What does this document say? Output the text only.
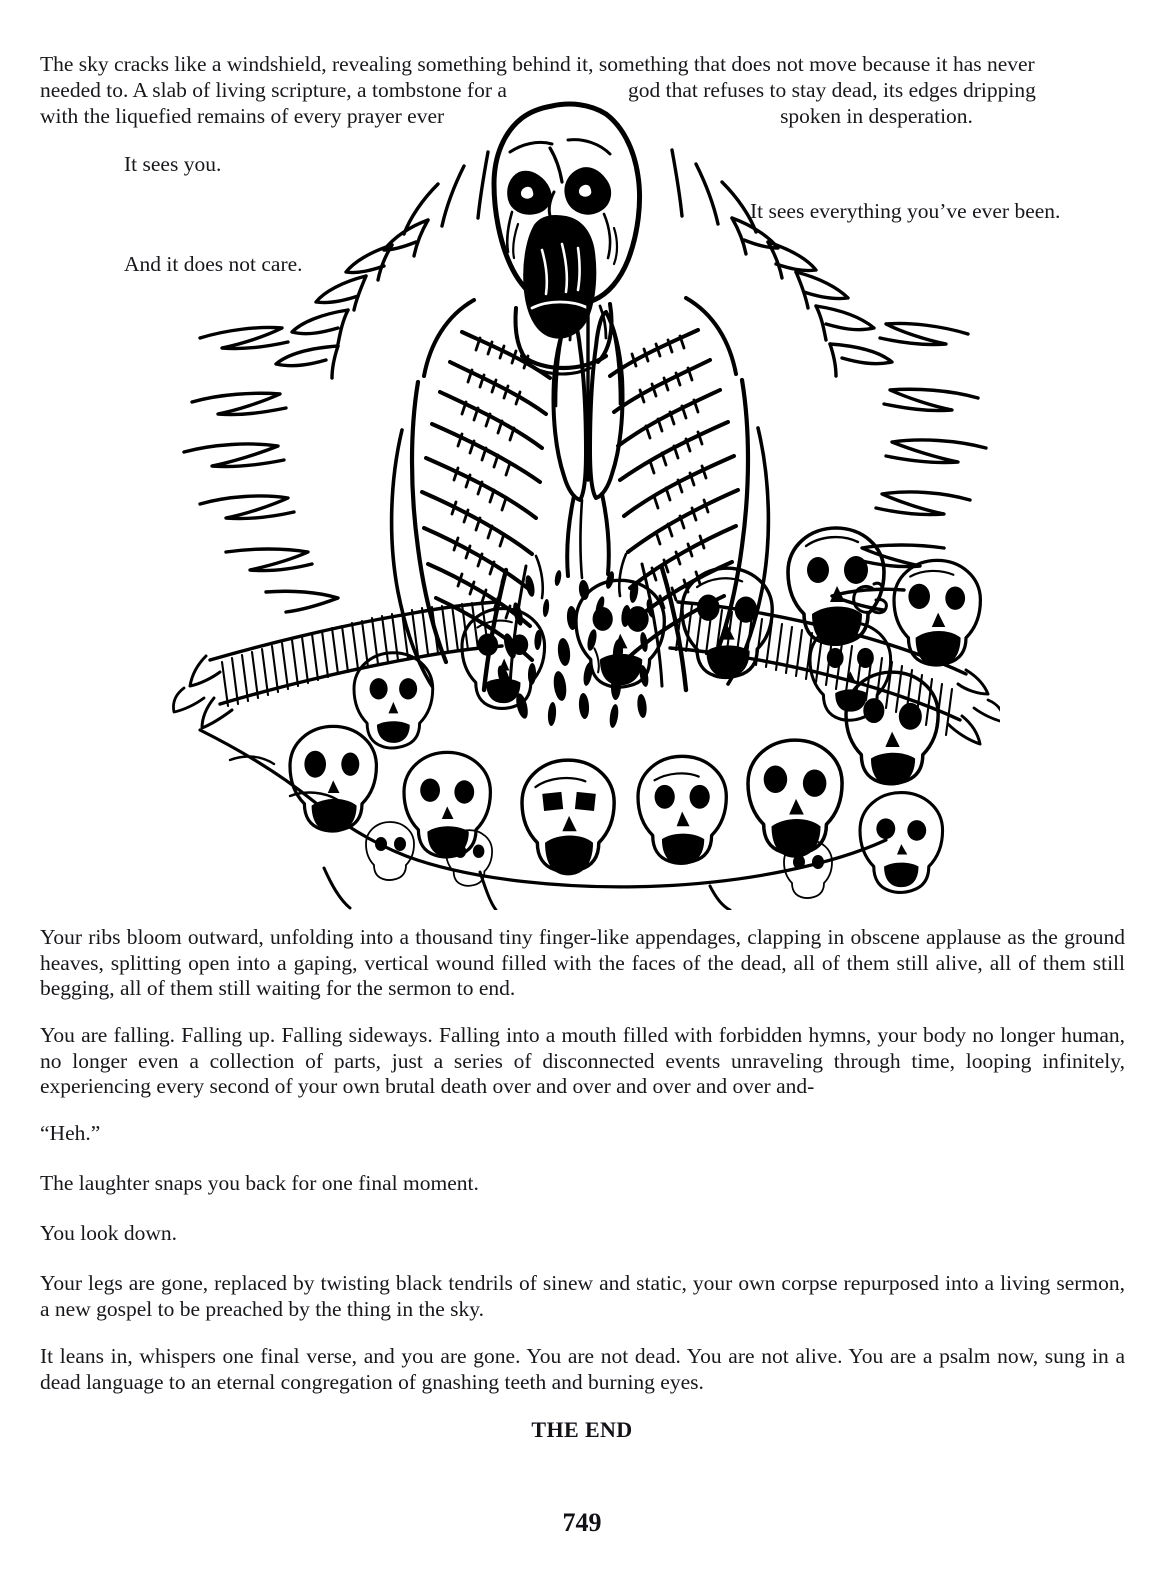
The sky cracks like a windshield, revealing something behind it, something that does not move because it has never
needed to. A slab of living scripture, a tombstone for a
with the liquefied remains of every prayer ever
god that refuses to stay dead, its edges dripping
spoken in desperation.
It sees you.
It sees everything you’ve ever been.
And it does not care.
Your ribs bloom outward, unfolding into a thousand tiny finger-like appendages, clapping in obscene applause as the ground heaves, splitting open into a gaping, vertical wound filled with the faces of the dead, all of them still alive, all of them still begging, all of them still waiting for the sermon to end.
You are falling. Falling up. Falling sideways. Falling into a mouth filled with forbidden hymns, your body no longer human, no longer even a collection of parts, just a series of disconnected events unraveling through time, looping infinitely, experiencing every second of your own brutal death over and over and over and over and-
“Heh.”
The laughter snaps you back for one final moment.
You look down.
Your legs are gone, replaced by twisting black tendrils of sinew and static, your own corpse repurposed into a living sermon, a new gospel to be preached by the thing in the sky.
It leans in, whispers one final verse, and you are gone. You are not dead. You are not alive. You are a psalm now, sung in a dead language to an eternal congregation of gnashing teeth and burning eyes.
THE END
749
